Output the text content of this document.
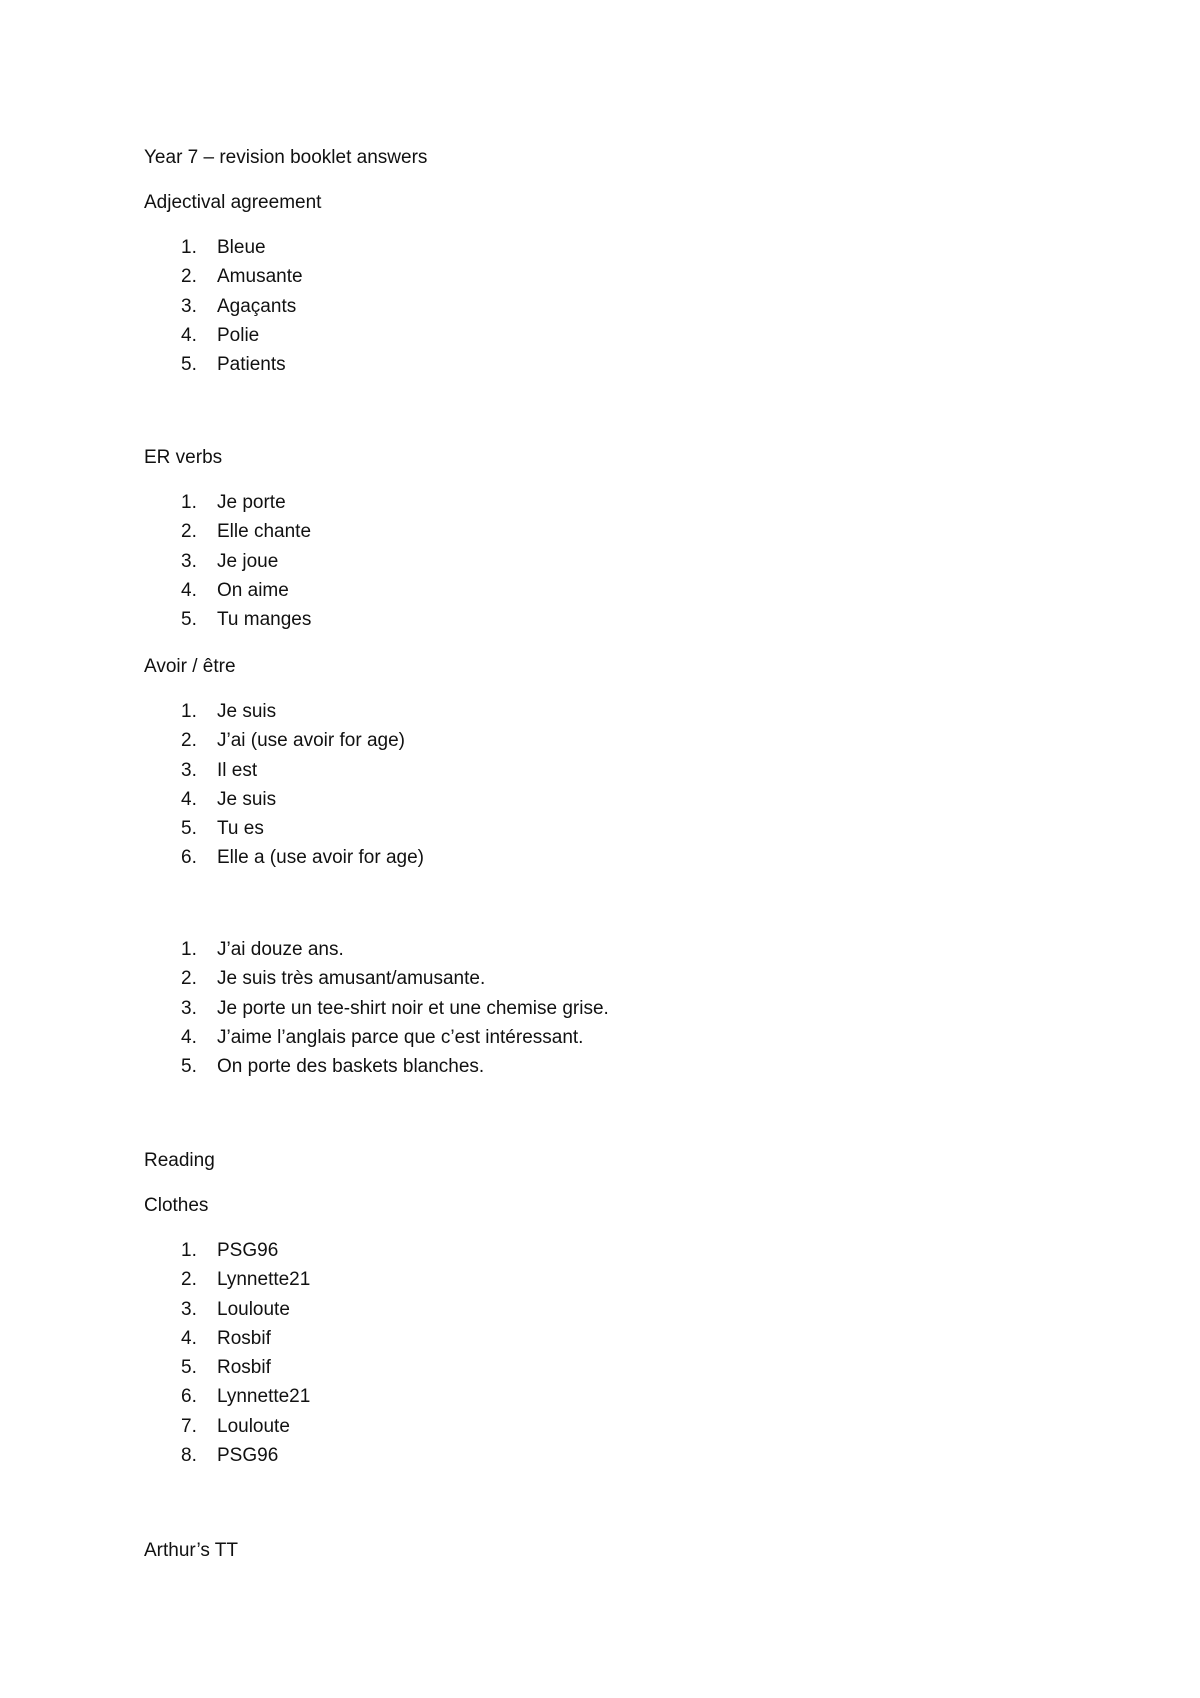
Year 7 – revision booklet answers
Adjectival agreement
1. Bleue
2. Amusante
3. Agaçants
4. Polie
5. Patients
ER verbs
1. Je porte
2. Elle chante
3. Je joue
4. On aime
5. Tu manges
Avoir / être
1. Je suis
2. J’ai (use avoir for age)
3. Il est
4. Je suis
5. Tu es
6. Elle a (use avoir for age)
1. J’ai douze ans.
2. Je suis très amusant/amusante.
3. Je porte un tee-shirt noir et une chemise grise.
4. J’aime l’anglais parce que c’est intéressant.
5. On porte des baskets blanches.
Reading
Clothes
1. PSG96
2. Lynnette21
3. Louloute
4. Rosbif
5. Rosbif
6. Lynnette21
7. Louloute
8. PSG96
Arthur’s TT
